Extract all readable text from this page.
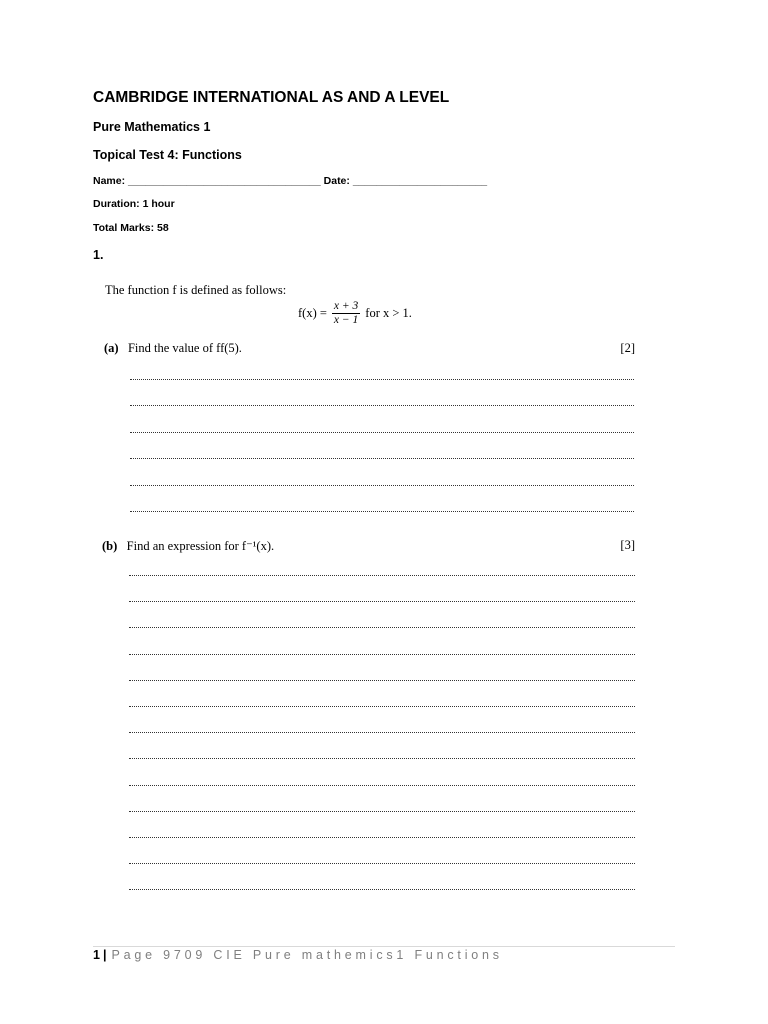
CAMBRIDGE INTERNATIONAL AS AND A LEVEL
Pure Mathematics 1
Topical Test 4: Functions
Name: _________________________________ Date: _______________________
Duration: 1 hour
Total Marks: 58
1.
The function f is defined as follows:
$f(x) = \frac{x + 3}{x - 1}$ for x > 1.
(a) Find the value of ff(5).	[2]
(b) Find an expression for f⁻¹(x).	[3]
1 | Page 9709 CIE Pure mathemics1 Functions
